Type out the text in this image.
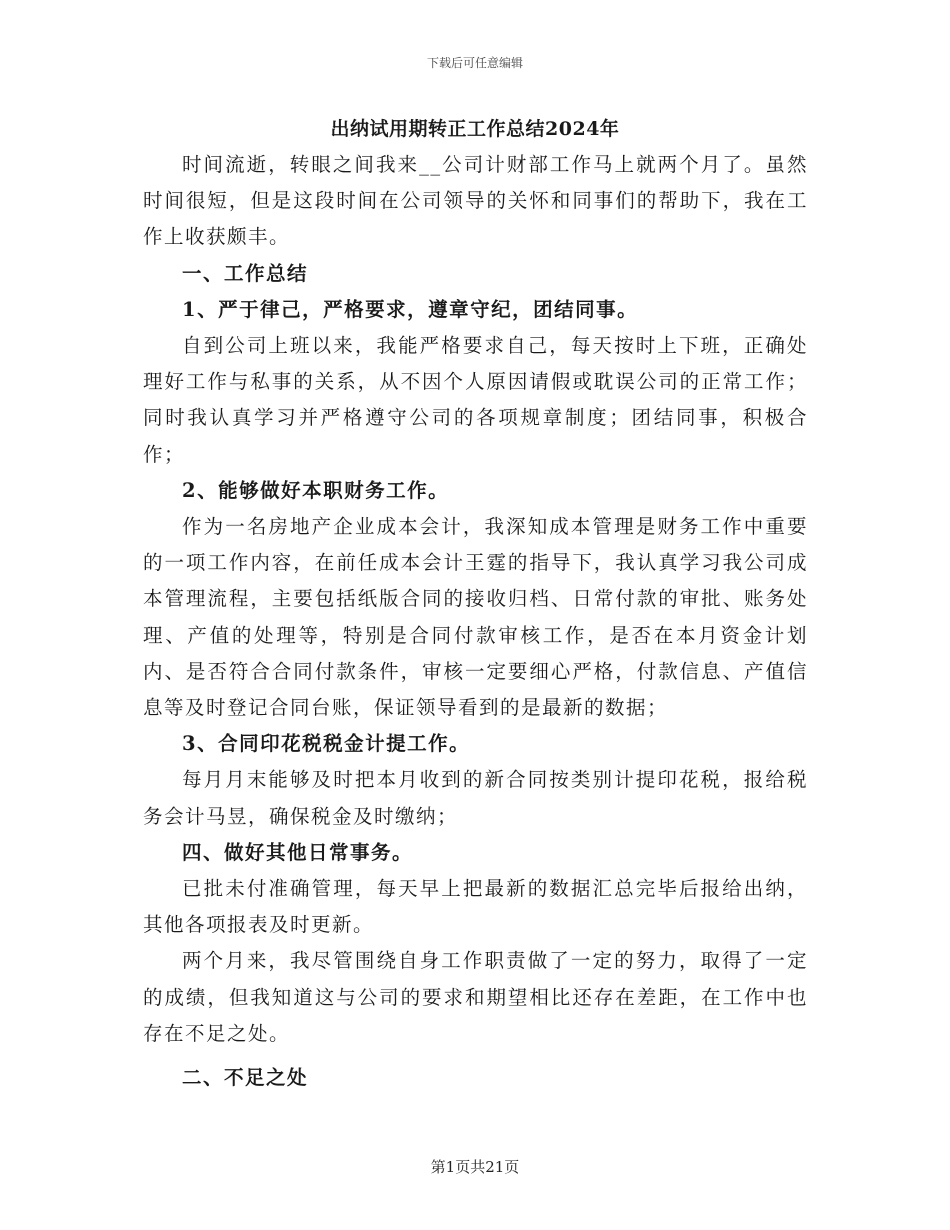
下载后可任意编辑
出纳试用期转正工作总结2024年

时间流逝，转眼之间我来__公司计财部工作马上就两个月了。虽然时间很短，但是这段时间在公司领导的关怀和同事们的帮助下，我在工作上收获颇丰。

一、工作总结

1、严于律己，严格要求，遵章守纪，团结同事。

自到公司上班以来，我能严格要求自己，每天按时上下班，正确处理好工作与私事的关系，从不因个人原因请假或耽误公司的正常工作；同时我认真学习并严格遵守公司的各项规章制度；团结同事，积极合作；

2、能够做好本职财务工作。

作为一名房地产企业成本会计，我深知成本管理是财务工作中重要的一项工作内容，在前任成本会计王霆的指导下，我认真学习我公司成本管理流程，主要包括纸版合同的接收归档、日常付款的审批、账务处理、产值的处理等，特别是合同付款审核工作，是否在本月资金计划内、是否符合合同付款条件，审核一定要细心严格，付款信息、产值信息等及时登记合同台账，保证领导看到的是最新的数据；

3、合同印花税税金计提工作。

每月月末能够及时把本月收到的新合同按类别计提印花税，报给税务会计马昱，确保税金及时缴纳；

四、做好其他日常事务。

已批未付准确管理，每天早上把最新的数据汇总完毕后报给出纳，其他各项报表及时更新。

两个月来，我尽管围绕自身工作职责做了一定的努力，取得了一定的成绩，但我知道这与公司的要求和期望相比还存在差距，在工作中也存在不足之处。

二、不足之处

第1页共21页
